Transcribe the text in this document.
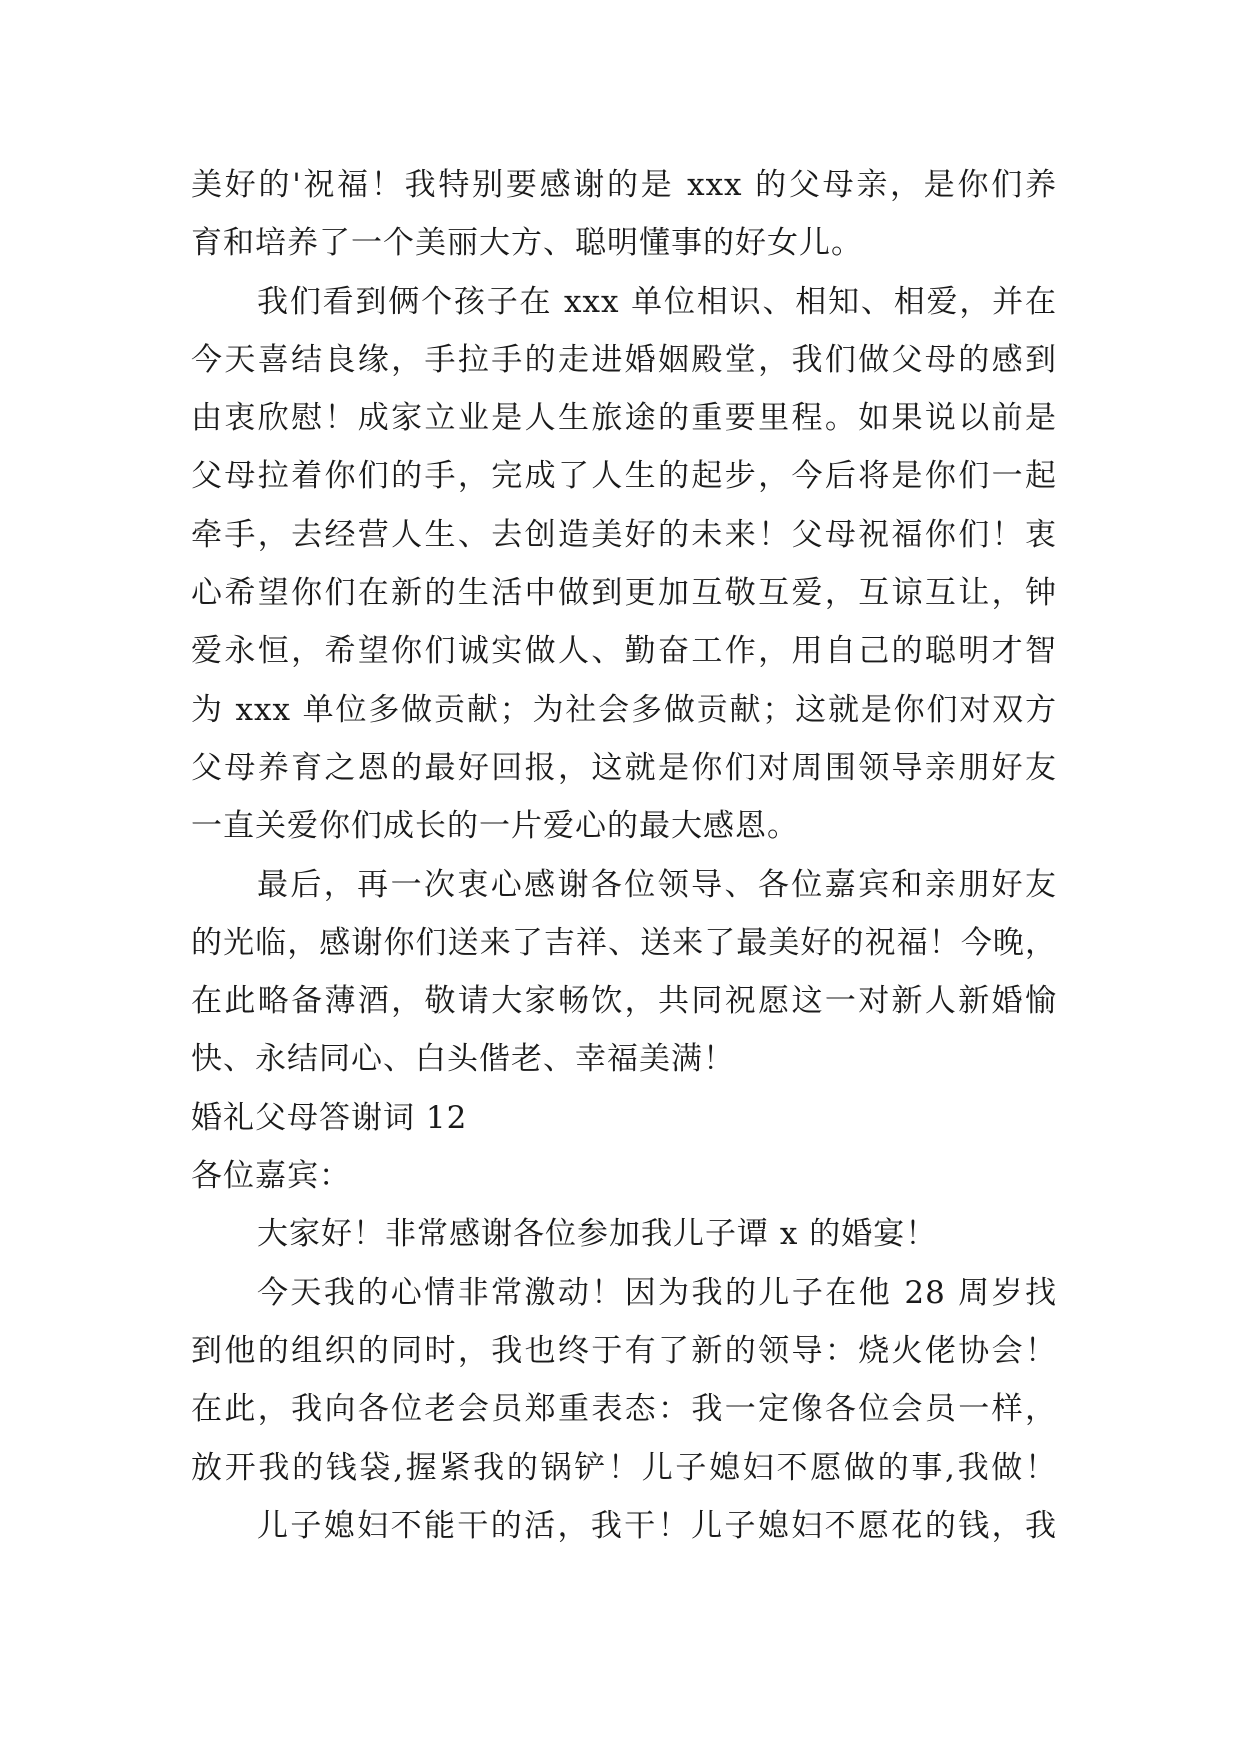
美好的'祝福！我特别要感谢的是 xxx 的父母亲，是你们养
育和培养了一个美丽大方、聪明懂事的好女儿。

我们看到俩个孩子在 xxx 单位相识、相知、相爱，并在
今天喜结良缘，手拉手的走进婚姻殿堂，我们做父母的感到
由衷欣慰！成家立业是人生旅途的重要里程。如果说以前是
父母拉着你们的手，完成了人生的起步，今后将是你们一起
牵手，去经营人生、去创造美好的未来！父母祝福你们！衷
心希望你们在新的生活中做到更加互敬互爱，互谅互让，钟
爱永恒，希望你们诚实做人、勤奋工作，用自己的聪明才智
为 xxx 单位多做贡献；为社会多做贡献；这就是你们对双方
父母养育之恩的最好回报，这就是你们对周围领导亲朋好友
一直关爱你们成长的一片爱心的最大感恩。

最后，再一次衷心感谢各位领导、各位嘉宾和亲朋好友
的光临，感谢你们送来了吉祥、送来了最美好的祝福！今晚，
在此略备薄酒，敬请大家畅饮，共同祝愿这一对新人新婚愉
快、永结同心、白头偕老、幸福美满！

婚礼父母答谢词 12

各位嘉宾：

大家好！非常感谢各位参加我儿子谭 x 的婚宴！

今天我的心情非常激动！因为我的儿子在他 28 周岁找
到他的组织的同时，我也终于有了新的领导：烧火佬协会！
在此，我向各位老会员郑重表态：我一定像各位会员一样，
放开我的钱袋,握紧我的锅铲！儿子媳妇不愿做的事,我做！

儿子媳妇不能干的活，我干！儿子媳妇不愿花的钱，我
